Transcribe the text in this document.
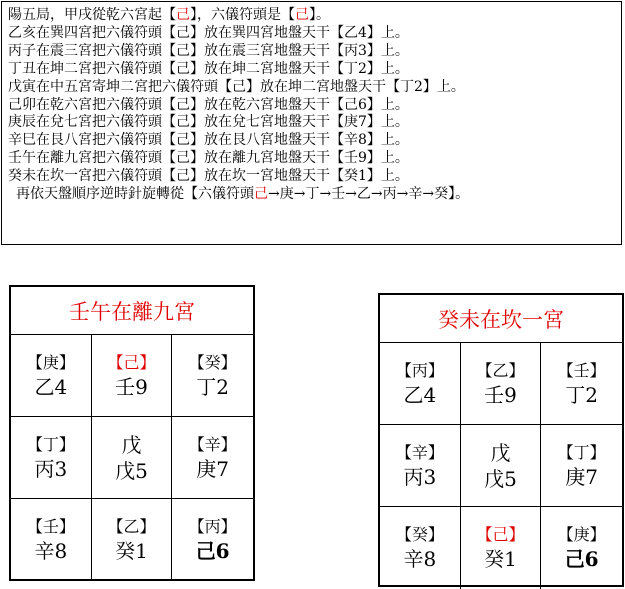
陽五局，甲戌從乾六宮起【己】，六儀符頭是【己】。
乙亥在巽四宮把六儀符頭【己】放在巽四宮地盤天干【乙4】上。
丙子在震三宮把六儀符頭【己】放在震三宮地盤天干【丙3】上。
丁丑在坤二宮把六儀符頭【己】放在坤二宮地盤天干【丁2】上。
戊寅在中五宮寄坤二宮把六儀符頭【己】放在坤二宮地盤天干【丁2】上。
己卯在乾六宮把六儀符頭【己】放在乾六宮地盤天干【己6】上。
庚辰在兌七宮把六儀符頭【己】放在兌七宮地盤天干【庚7】上。
辛巳在艮八宮把六儀符頭【己】放在艮八宮地盤天干【辛8】上。
壬午在離九宮把六儀符頭【己】放在離九宮地盤天干【壬9】上。
癸未在坎一宮把六儀符頭【己】放在坎一宮地盤天干【癸1】上。
再依天盤順序逆時針旋轉從【六儀符頭己→庚→丁→壬→乙→丙→辛→癸】。
壬午在離九宮
【庚】
乙4
【己】
壬9
【癸】
丁2
【丁】
丙3
戊
戊5
【辛】
庚7
【壬】
辛8
【乙】
癸1
【丙】
己6
癸未在坎一宮
【丙】
乙4
【乙】
壬9
【壬】
丁2
【辛】
丙3
戊
戊5
【丁】
庚7
【癸】
辛8
【己】
癸1
【庚】
己6
